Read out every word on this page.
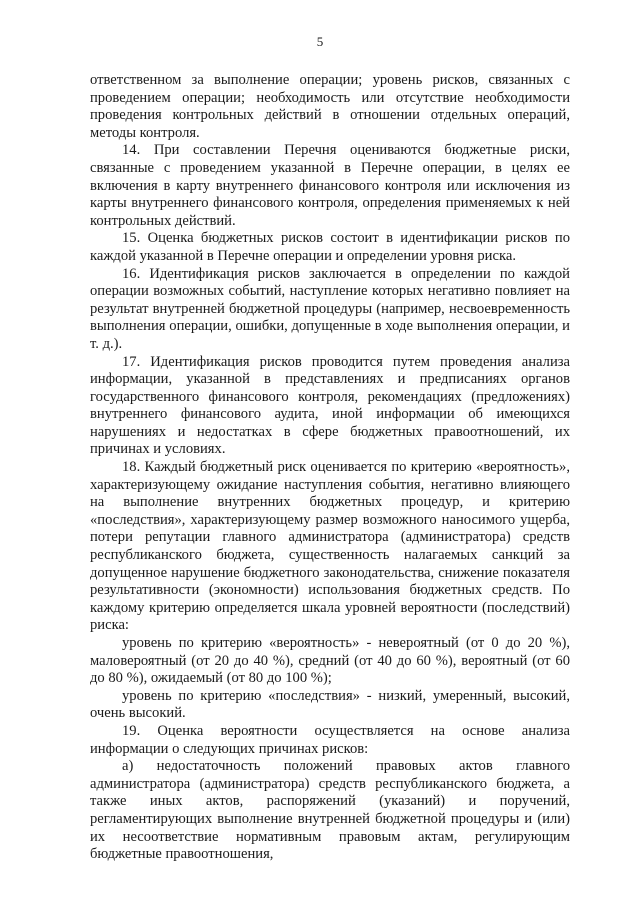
5

ответственном за выполнение операции; уровень рисков, связанных с проведением операции; необходимость или отсутствие необходимости проведения контрольных действий в отношении отдельных операций, методы контроля.

14. При составлении Перечня оцениваются бюджетные риски, связанные с проведением указанной в Перечне операции, в целях ее включения в карту внутреннего финансового контроля или исключения из карты внутреннего финансового контроля, определения применяемых к ней контрольных действий.

15. Оценка бюджетных рисков состоит в идентификации рисков по каждой указанной в Перечне операции и определении уровня риска.

16. Идентификация рисков заключается в определении по каждой операции возможных событий, наступление которых негативно повлияет на результат внутренней бюджетной процедуры (например, несвоевременность выполнения операции, ошибки, допущенные в ходе выполнения операции, и т. д.).

17. Идентификация рисков проводится путем проведения анализа информации, указанной в представлениях и предписаниях органов государственного финансового контроля, рекомендациях (предложениях) внутреннего финансового аудита, иной информации об имеющихся нарушениях и недостатках в сфере бюджетных правоотношений, их причинах и условиях.

18. Каждый бюджетный риск оценивается по критерию «вероятность», характеризующему ожидание наступления события, негативно влияющего на выполнение внутренних бюджетных процедур, и критерию «последствия», характеризующему размер возможного наносимого ущерба, потери репутации главного администратора (администратора) средств республиканского бюджета, существенность налагаемых санкций за допущенное нарушение бюджетного законодательства, снижение показателя результативности (экономности) использования бюджетных средств. По каждому критерию определяется шкала уровней вероятности (последствий) риска:

уровень по критерию «вероятность» - невероятный (от 0 до 20 %), маловероятный (от 20 до 40 %), средний (от 40 до 60 %), вероятный (от 60 до 80 %), ожидаемый (от 80 до 100 %);

уровень по критерию «последствия» - низкий, умеренный, высокий, очень высокий.

19. Оценка вероятности осуществляется на основе анализа информации о следующих причинах рисков:

а) недостаточность положений правовых актов главного администратора (администратора) средств республиканского бюджета, а также иных актов, распоряжений (указаний) и поручений, регламентирующих выполнение внутренней бюджетной процедуры и (или) их несоответствие нормативным правовым актам, регулирующим бюджетные правоотношения,
